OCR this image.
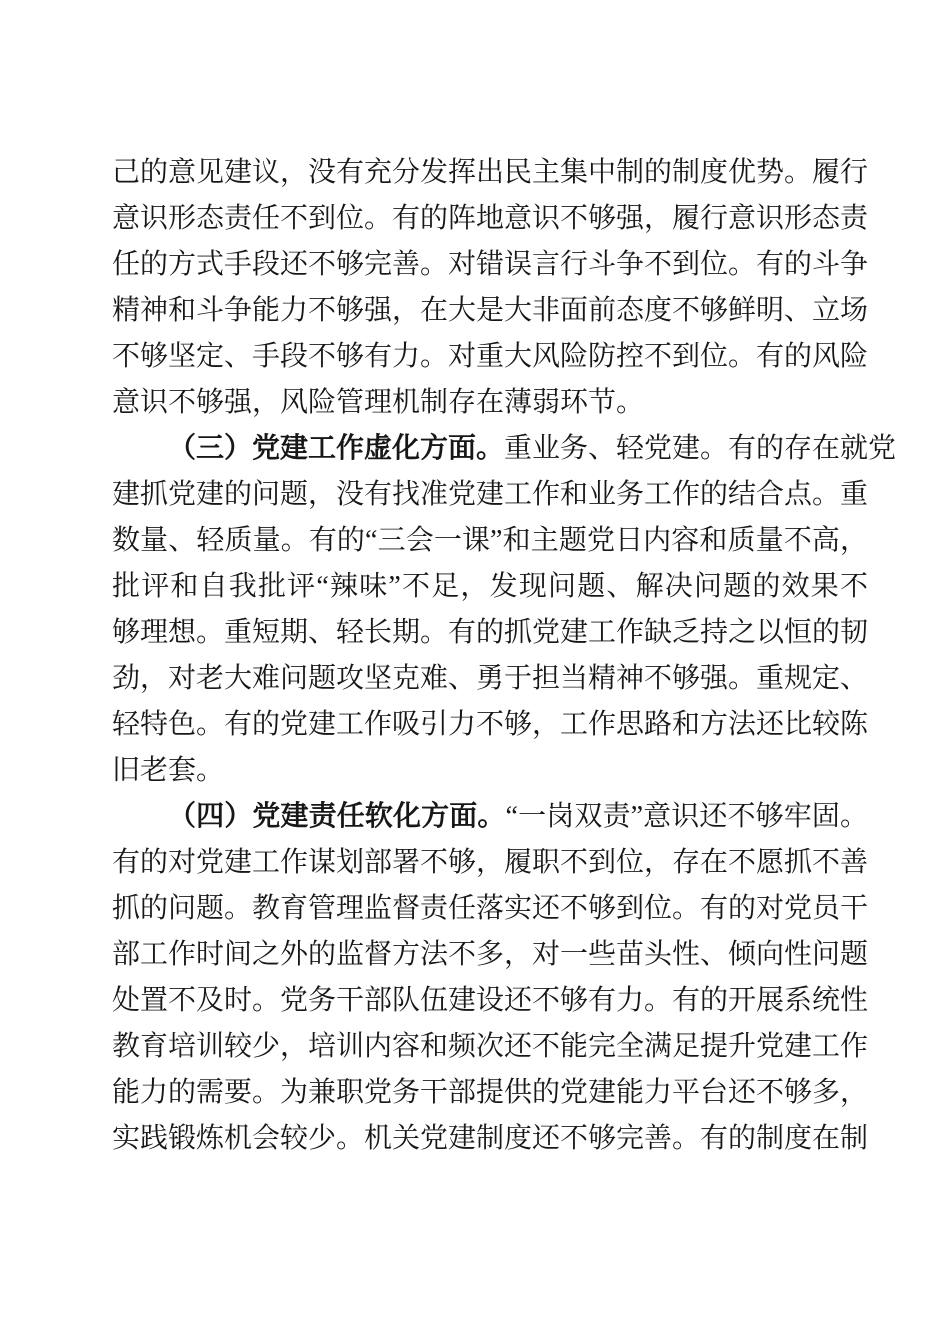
己的意见建议，没有充分发挥出民主集中制的制度优势。履行
意识形态责任不到位。有的阵地意识不够强，履行意识形态责
任的方式手段还不够完善。对错误言行斗争不到位。有的斗争
精神和斗争能力不够强，在大是大非面前态度不够鲜明、立场
不够坚定、手段不够有力。对重大风险防控不到位。有的风险
意识不够强，风险管理机制存在薄弱环节。
（三）党建工作虚化方面。重业务、轻党建。有的存在就党
建抓党建的问题，没有找准党建工作和业务工作的结合点。重
数量、轻质量。有的“三会一课”和主题党日内容和质量不高，
批评和自我批评“辣味”不足，发现问题、解决问题的效果不
够理想。重短期、轻长期。有的抓党建工作缺乏持之以恒的韧
劲，对老大难问题攻坚克难、勇于担当精神不够强。重规定、
轻特色。有的党建工作吸引力不够，工作思路和方法还比较陈
旧老套。
（四）党建责任软化方面。“一岗双责”意识还不够牢固。
有的对党建工作谋划部署不够，履职不到位，存在不愿抓不善
抓的问题。教育管理监督责任落实还不够到位。有的对党员干
部工作时间之外的监督方法不多，对一些苗头性、倾向性问题
处置不及时。党务干部队伍建设还不够有力。有的开展系统性
教育培训较少，培训内容和频次还不能完全满足提升党建工作
能力的需要。为兼职党务干部提供的党建能力平台还不够多，
实践锻炼机会较少。机关党建制度还不够完善。有的制度在制
